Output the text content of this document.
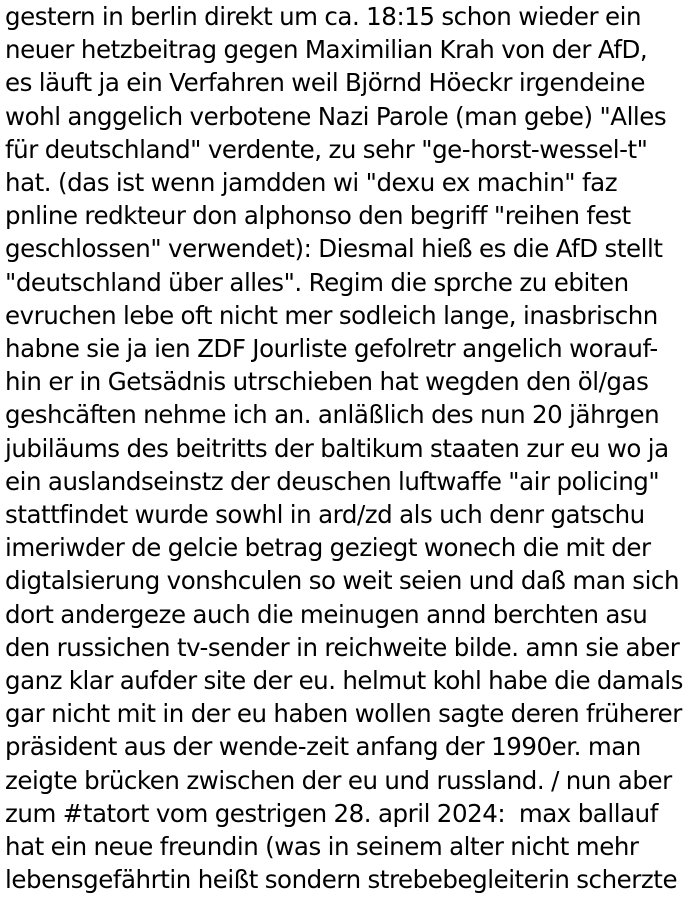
gestern in berlin direkt um ca. 18:15 schon wieder ein
neuer hetzbeitrag gegen Maximilian Krah von der AfD,
es läuft ja ein Verfahren weil Björnd Höeckr irgendeine
wohl anggelich verbotene Nazi Parole (man gebe) "Alles
für deutschland" verdente, zu sehr "ge-horst-wessel-t"
hat. (das ist wenn jamdden wi "dexu ex machin" faz
pnline redkteur don alphonso den begriff "reihen fest
geschlossen" verwendet): Diesmal hieß es die AfD stellt
"deutschland über alles". Regim die sprche zu ebiten
evruchen lebe oft nicht mer sodleich lange, inasbrischn
habne sie ja ien ZDF Jourliste gefolretr angelich worauf-
hin er in Getsädnis utrschieben hat wegden den öl/gas
geshcäften nehme ich an. anläßlich des nun 20 jährgen
jubiläums des beitritts der baltikum staaten zur eu wo ja
ein auslandseinstz der deuschen luftwaffe "air policing"
stattfindet wurde sowhl in ard/zd als uch denr gatschu
imeriwder de gelcie betrag geziegt wonech die mit der
digtalsierung vonshculen so weit seien und daß man sich
dort andergeze auch die meinugen annd berchten asu
den russichen tv-sender in reichweite bilde. amn sie aber
ganz klar aufder site der eu. helmut kohl habe die damals
gar nicht mit in der eu haben wollen sagte deren früherer
präsident aus der wende-zeit anfang der 1990er. man
zeigte brücken zwischen der eu und russland. / nun aber
zum #tatort vom gestrigen 28. april 2024:  max ballauf
hat ein neue freundin (was in seinem alter nicht mehr
lebensgefährtin heißt sondern strebebegleiterin scherzte
